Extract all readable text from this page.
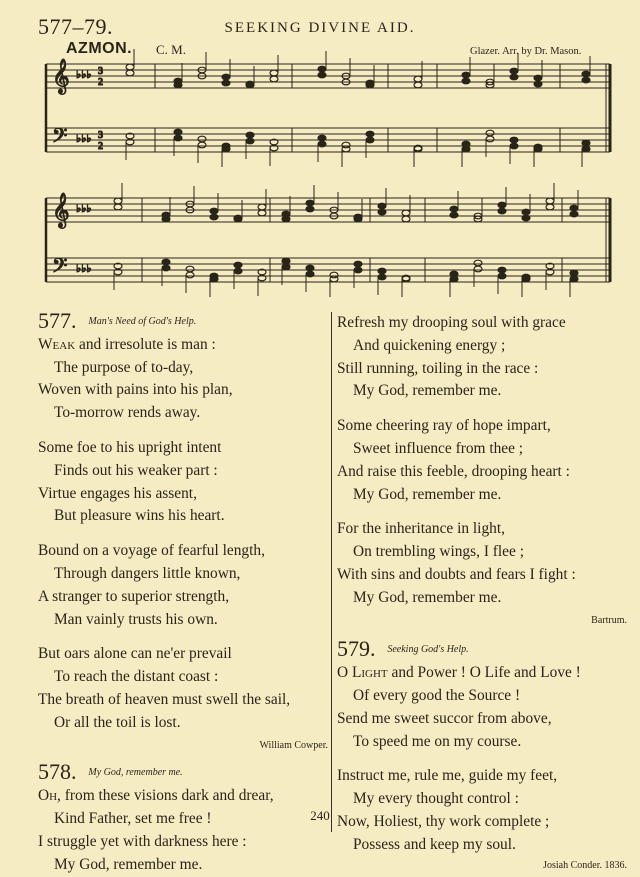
577–79.	SEEKING DIVINE AID.
AZMON. C. M.	Glazer. Arr. by Dr. Mason.
𝄞
𝄢
♭♭♭ 3
2
♭♭♭ 3
2
𝄞
𝄢
♭♭♭
♭♭♭
577. Man's Need of God's Help.
Weak and irresolute is man :
The purpose of to-day,
Woven with pains into his plan,
To-morrow rends away.
Some foe to his upright intent
Finds out his weaker part :
Virtue engages his assent,
But pleasure wins his heart.
Bound on a voyage of fearful length,
Through dangers little known,
A stranger to superior strength,
Man vainly trusts his own.
But oars alone can ne'er prevail
To reach the distant coast :
The breath of heaven must swell the sail,
Or all the toil is lost.
William Cowper.
578. My God, remember me.
Oh, from these visions dark and drear,
Kind Father, set me free !
I struggle yet with darkness here :
My God, remember me.
Refresh my drooping soul with grace
And quickening energy ;
Still running, toiling in the race :
My God, remember me.
Some cheering ray of hope impart,
Sweet influence from thee ;
And raise this feeble, drooping heart :
My God, remember me.
For the inheritance in light,
On trembling wings, I flee ;
With sins and doubts and fears I fight :
My God, remember me.
Bartrum.
579. Seeking God's Help.
O Light and Power ! O Life and Love !
Of every good the Source !
Send me sweet succor from above,
To speed me on my course.
Instruct me, rule me, guide my feet,
My every thought control :
Now, Holiest, thy work complete ;
Possess and keep my soul.
Josiah Conder. 1836.
240
